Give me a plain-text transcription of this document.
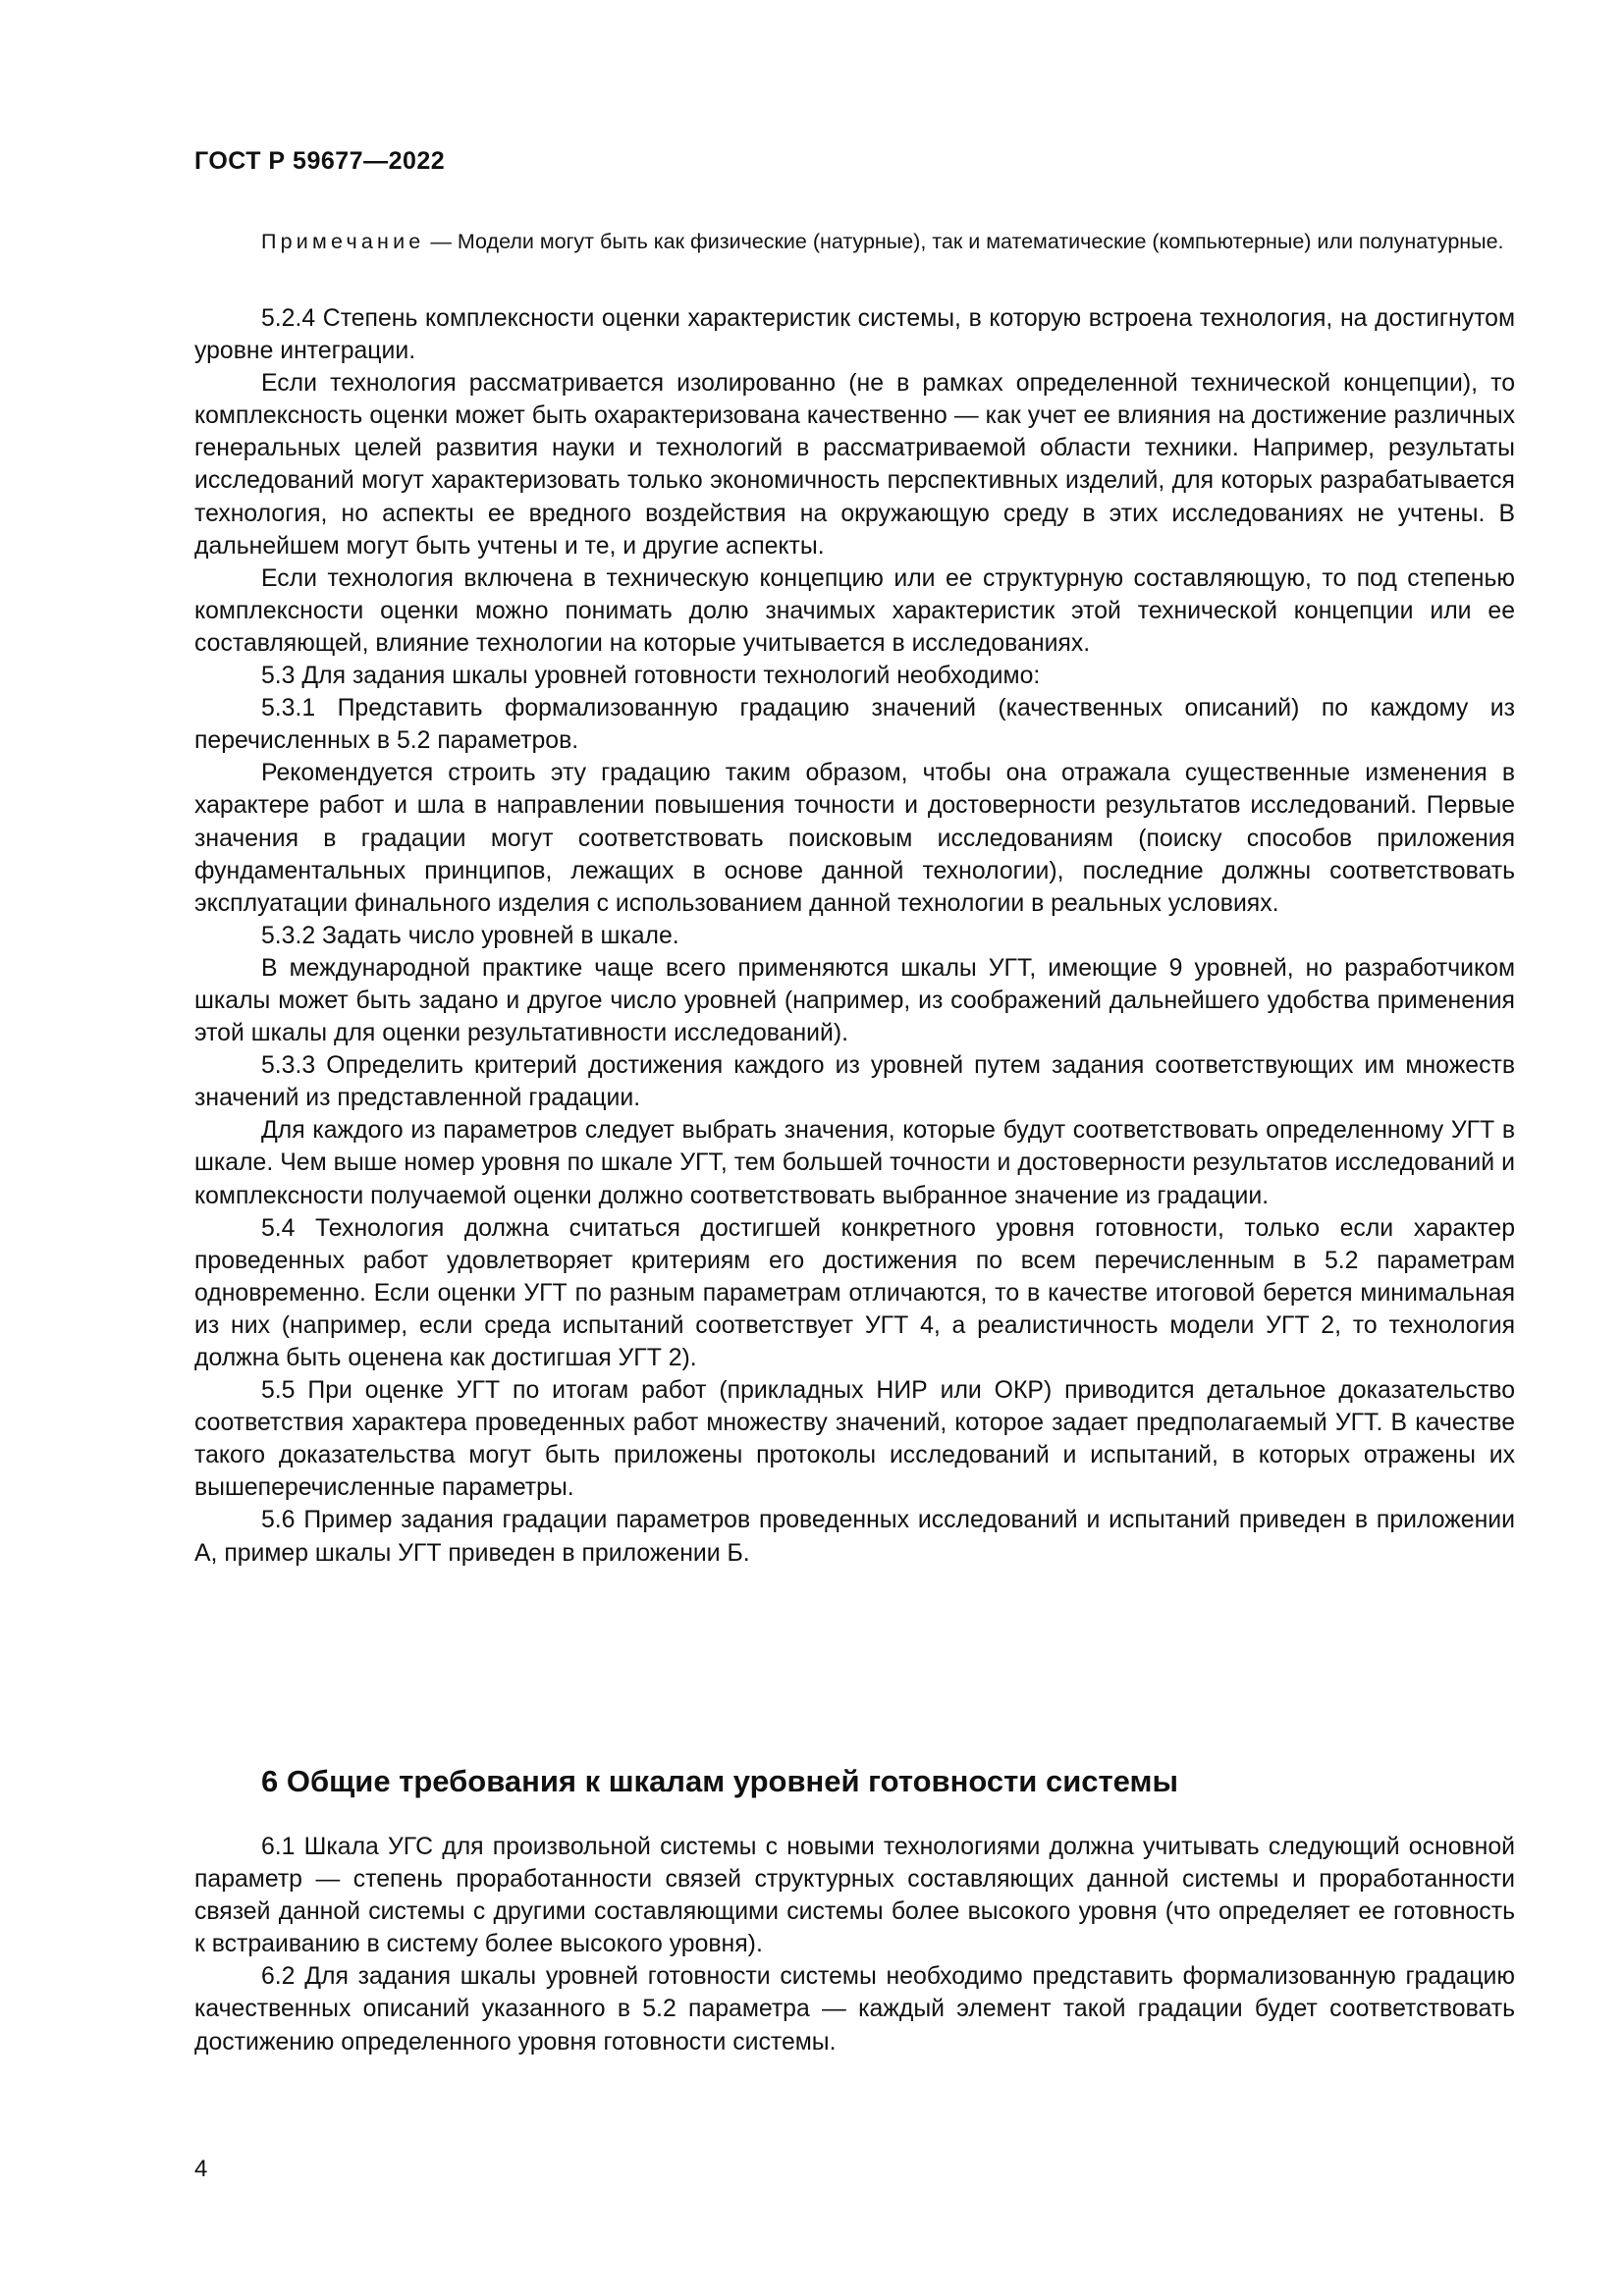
ГОСТ Р 59677—2022
Примечание — Модели могут быть как физические (натурные), так и математические (компьютерные) или полунатурные.

5.2.4 Степень комплексности оценки характеристик системы, в которую встроена технология, на достигнутом уровне интеграции.

Если технология рассматривается изолированно (не в рамках определенной технической концепции), то комплексность оценки может быть охарактеризована качественно — как учет ее влияния на достижение различных генеральных целей развития науки и технологий в рассматриваемой области техники. Например, результаты исследований могут характеризовать только экономичность перспективных изделий, для которых разрабатывается технология, но аспекты ее вредного воздействия на окружающую среду в этих исследованиях не учтены. В дальнейшем могут быть учтены и те, и другие аспекты.

Если технология включена в техническую концепцию или ее структурную составляющую, то под степенью комплексности оценки можно понимать долю значимых характеристик этой технической концепции или ее составляющей, влияние технологии на которые учитывается в исследованиях.

5.3 Для задания шкалы уровней готовности технологий необходимо:

5.3.1 Представить формализованную градацию значений (качественных описаний) по каждому из перечисленных в 5.2 параметров.

Рекомендуется строить эту градацию таким образом, чтобы она отражала существенные изменения в характере работ и шла в направлении повышения точности и достоверности результатов исследований. Первые значения в градации могут соответствовать поисковым исследованиям (поиску способов приложения фундаментальных принципов, лежащих в основе данной технологии), последние должны соответствовать эксплуатации финального изделия с использованием данной технологии в реальных условиях.

5.3.2 Задать число уровней в шкале.

В международной практике чаще всего применяются шкалы УГТ, имеющие 9 уровней, но разработчиком шкалы может быть задано и другое число уровней (например, из соображений дальнейшего удобства применения этой шкалы для оценки результативности исследований).

5.3.3 Определить критерий достижения каждого из уровней путем задания соответствующих им множеств значений из представленной градации.

Для каждого из параметров следует выбрать значения, которые будут соответствовать определенному УГТ в шкале. Чем выше номер уровня по шкале УГТ, тем большей точности и достоверности результатов исследований и комплексности получаемой оценки должно соответствовать выбранное значение из градации.

5.4 Технология должна считаться достигшей конкретного уровня готовности, только если характер проведенных работ удовлетворяет критериям его достижения по всем перечисленным в 5.2 параметрам одновременно. Если оценки УГТ по разным параметрам отличаются, то в качестве итоговой берется минимальная из них (например, если среда испытаний соответствует УГТ 4, а реалистичность модели УГТ 2, то технология должна быть оценена как достигшая УГТ 2).

5.5 При оценке УГТ по итогам работ (прикладных НИР или ОКР) приводится детальное доказательство соответствия характера проведенных работ множеству значений, которое задает предполагаемый УГТ. В качестве такого доказательства могут быть приложены протоколы исследований и испытаний, в которых отражены их вышеперечисленные параметры.

5.6 Пример задания градации параметров проведенных исследований и испытаний приведен в приложении А, пример шкалы УГТ приведен в приложении Б.

6 Общие требования к шкалам уровней готовности системы

6.1 Шкала УГС для произвольной системы с новыми технологиями должна учитывать следующий основной параметр — степень проработанности связей структурных составляющих данной системы и проработанности связей данной системы с другими составляющими системы более высокого уровня (что определяет ее готовность к встраиванию в систему более высокого уровня).

6.2 Для задания шкалы уровней готовности системы необходимо представить формализованную градацию качественных описаний указанного в 5.2 параметра — каждый элемент такой градации будет соответствовать достижению определенного уровня готовности системы.

4
